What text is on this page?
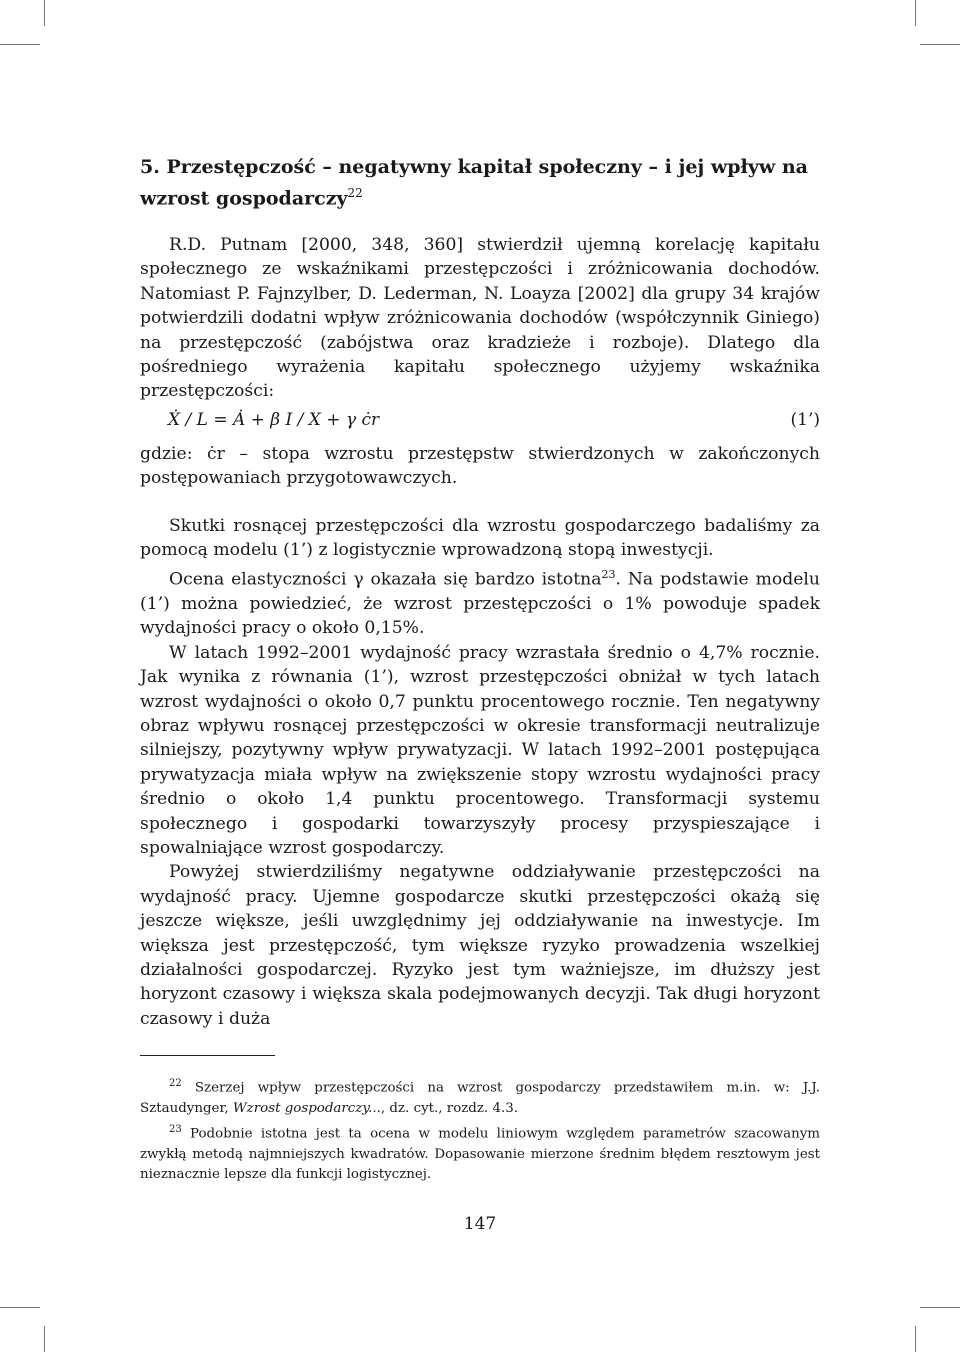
5. Przestępczość – negatywny kapitał społeczny – i jej wpływ na wzrost gospodarczy$^{22}$

R.D. Putnam [2000, 348, 360] stwierdził ujemną korelację kapitału społecznego ze wskaźnikami przestępczości i zróżnicowania dochodów. Natomiast P. Fajnzylber, D. Lederman, N. Loayza [2002] dla grupy 34 krajów potwierdzili dodatni wpływ zróżnicowania dochodów (współczynnik Giniego) na przestępczość (zabójstwa oraz kradzieże i rozboje). Dlatego dla pośredniego wyrażenia kapitału społecznego użyjemy wskaźnika przestępczości:

Ẋ / L = Ȧ + β I / X + γ ċr	(1’)

gdzie: ċr – stopa wzrostu przestępstw stwierdzonych w zakończonych postępowaniach przygotowawczych.

Skutki rosnącej przestępczości dla wzrostu gospodarczego badaliśmy za pomocą modelu (1’) z logistycznie wprowadzoną stopą inwestycji.

Ocena elastyczności γ okazała się bardzo istotna$^{23}$. Na podstawie modelu (1’) można powiedzieć, że wzrost przestępczości o 1% powoduje spadek wydajności pracy o około 0,15%.

W latach 1992–2001 wydajność pracy wzrastała średnio o 4,7% rocznie. Jak wynika z równania (1’), wzrost przestępczości obniżał w tych latach wzrost wydajności o około 0,7 punktu procentowego rocznie. Ten negatywny obraz wpływu rosnącej przestępczości w okresie transformacji neutralizuje silniejszy, pozytywny wpływ prywatyzacji. W latach 1992–2001 postępująca prywatyzacja miała wpływ na zwiększenie stopy wzrostu wydajności pracy średnio o około 1,4 punktu procentowego. Transformacji systemu społecznego i gospodarki towarzyszyły procesy przyspieszające i spowalniające wzrost gospodarczy.

Powyżej stwierdziliśmy negatywne oddziaływanie przestępczości na wydajność pracy. Ujemne gospodarcze skutki przestępczości okażą się jeszcze większe, jeśli uwzględnimy jej oddziaływanie na inwestycje. Im większa jest przestępczość, tym większe ryzyko prowadzenia wszelkiej działalności gospodarczej. Ryzyko jest tym ważniejsze, im dłuższy jest horyzont czasowy i większa skala podejmowanych decyzji. Tak długi horyzont czasowy i duża

$^{22}$ Szerzej wpływ przestępczości na wzrost gospodarczy przedstawiłem m.in. w: J.J. Sztaudynger, Wzrost gospodarczy..., dz. cyt., rozdz. 4.3.

$^{23}$ Podobnie istotna jest ta ocena w modelu liniowym względem parametrów szacowanym zwykłą metodą najmniejszych kwadratów. Dopasowanie mierzone średnim błędem resztowym jest nieznacznie lepsze dla funkcji logistycznej.

147
